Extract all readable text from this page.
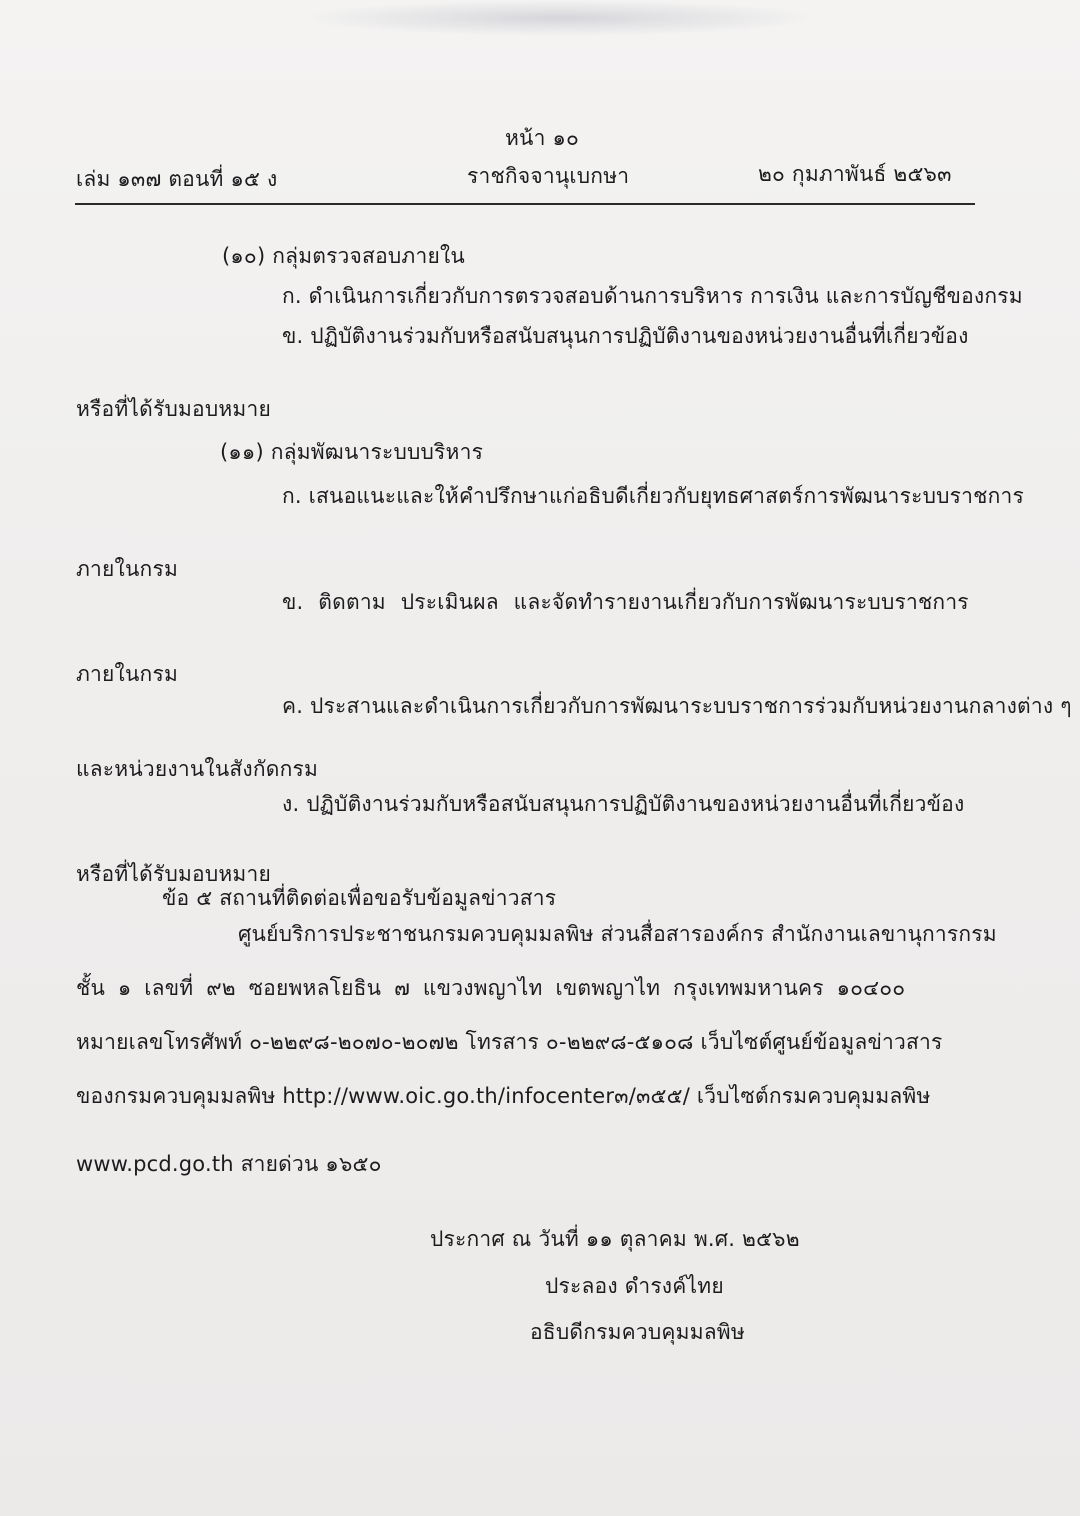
หน้า ๑๐
เล่ม ๑๓๗ ตอนที่ ๑๕ ง	ราชกิจจานุเบกษา	๒๐ กุมภาพันธ์ ๒๕๖๓
(๑๐) กลุ่มตรวจสอบภายใน
ก. ดำเนินการเกี่ยวกับการตรวจสอบด้านการบริหาร การเงิน และการบัญชีของกรม
ข. ปฏิบัติงานร่วมกับหรือสนับสนุนการปฏิบัติงานของหน่วยงานอื่นที่เกี่ยวข้อง
หรือที่ได้รับมอบหมาย
(๑๑) กลุ่มพัฒนาระบบบริหาร
ก. เสนอแนะและให้คำปรึกษาแก่อธิบดีเกี่ยวกับยุทธศาสตร์การพัฒนาระบบราชการ
ภายในกรม
ข. ติดตาม ประเมินผล และจัดทำรายงานเกี่ยวกับการพัฒนาระบบราชการ
ภายในกรม
ค. ประสานและดำเนินการเกี่ยวกับการพัฒนาระบบราชการร่วมกับหน่วยงานกลางต่าง ๆ
และหน่วยงานในสังกัดกรม
ง. ปฏิบัติงานร่วมกับหรือสนับสนุนการปฏิบัติงานของหน่วยงานอื่นที่เกี่ยวข้อง
หรือที่ได้รับมอบหมาย
ข้อ ๕ สถานที่ติดต่อเพื่อขอรับข้อมูลข่าวสาร
ศูนย์บริการประชาชนกรมควบคุมมลพิษ ส่วนสื่อสารองค์กร สำนักงานเลขานุการกรม
ชั้น ๑ เลขที่ ๙๒ ซอยพหลโยธิน ๗ แขวงพญาไท เขตพญาไท กรุงเทพมหานคร ๑๐๔๐๐
หมายเลขโทรศัพท์ ๐-๒๒๙๘-๒๐๗๐-๒๐๗๒ โทรสาร ๐-๒๒๙๘-๕๑๐๘ เว็บไซต์ศูนย์ข้อมูลข่าวสาร
ของกรมควบคุมมลพิษ http://www.oic.go.th/infocenter๓/๓๕๕/ เว็บไซต์กรมควบคุมมลพิษ
www.pcd.go.th สายด่วน ๑๖๕๐
ประกาศ ณ วันที่ ๑๑ ตุลาคม พ.ศ. ๒๕๖๒
ประลอง ดำรงค์ไทย
อธิบดีกรมควบคุมมลพิษ
